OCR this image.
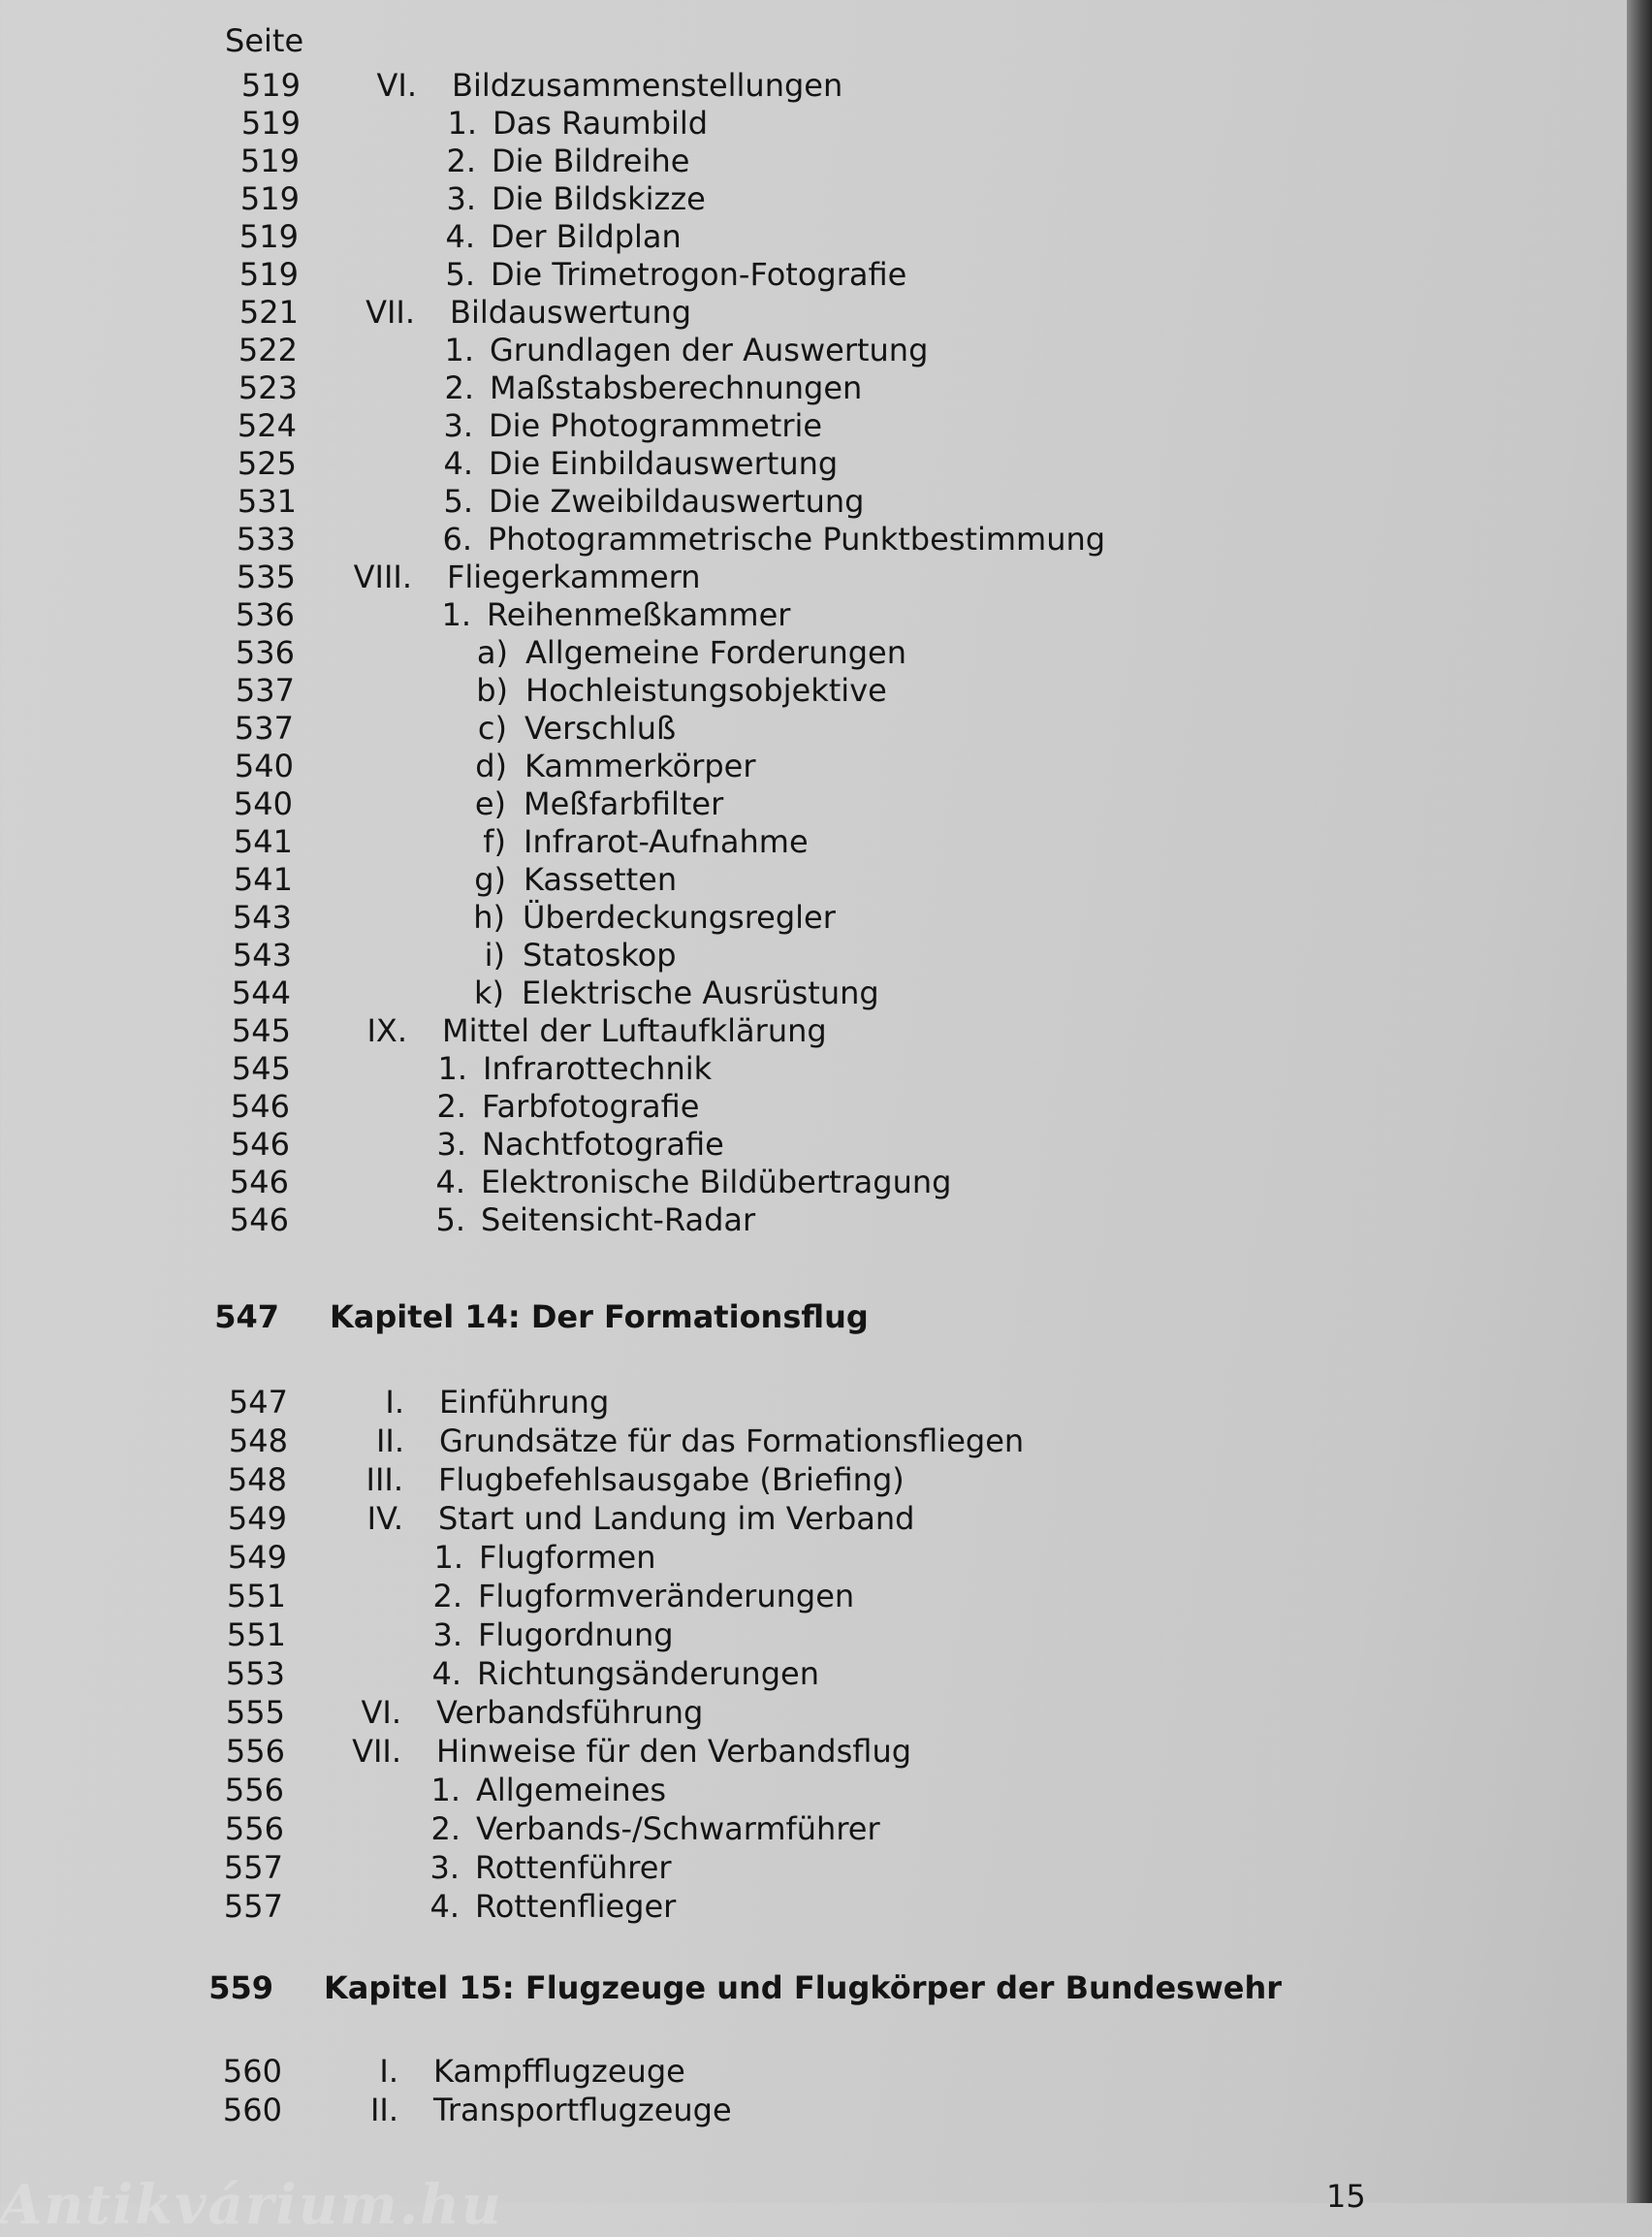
Seite
519	VI. Bildzusammenstellungen
519	1. Das Raumbild
519	2. Die Bildreihe
519	3. Die Bildskizze
519	4. Der Bildplan
519	5. Die Trimetrogon-Fotografie
521	VII. Bildauswertung
522	1. Grundlagen der Auswertung
523	2. Maßstabsberechnungen
524	3. Die Photogrammetrie
525	4. Die Einbildauswertung
531	5. Die Zweibildauswertung
533	6. Photogrammetrische Punktbestimmung
535	VIII. Fliegerkammern
536	1. Reihenmeßkammer
536	a) Allgemeine Forderungen
537	b) Hochleistungsobjektive
537	c) Verschluß
540	d) Kammerkörper
540	e) Meßfarbfilter
541	f) Infrarot-Aufnahme
541	g) Kassetten
543	h) Überdeckungsregler
543	i) Statoskop
544	k) Elektrische Ausrüstung
545	IX. Mittel der Luftaufklärung
545	1. Infrarottechnik
546	2. Farbfotografie
546	3. Nachtfotografie
546	4. Elektronische Bildübertragung
546	5. Seitensicht-Radar
547 Kapitel 14: Der Formationsflug
547	I. Einführung
548	II. Grundsätze für das Formationsfliegen
548	III. Flugbefehlsausgabe (Briefing)
549	IV. Start und Landung im Verband
549	1. Flugformen
551	2. Flugformveränderungen
551	3. Flugordnung
553	4. Richtungsänderungen
555	VI. Verbandsführung
556	VII. Hinweise für den Verbandsflug
556	1. Allgemeines
556	2. Verbands-/Schwarmführer
557	3. Rottenführer
557	4. Rottenflieger
559 Kapitel 15: Flugzeuge und Flugkörper der Bundeswehr
560	I. Kampfflugzeuge
560	II. Transportflugzeuge
15
Antikvárium.hu
